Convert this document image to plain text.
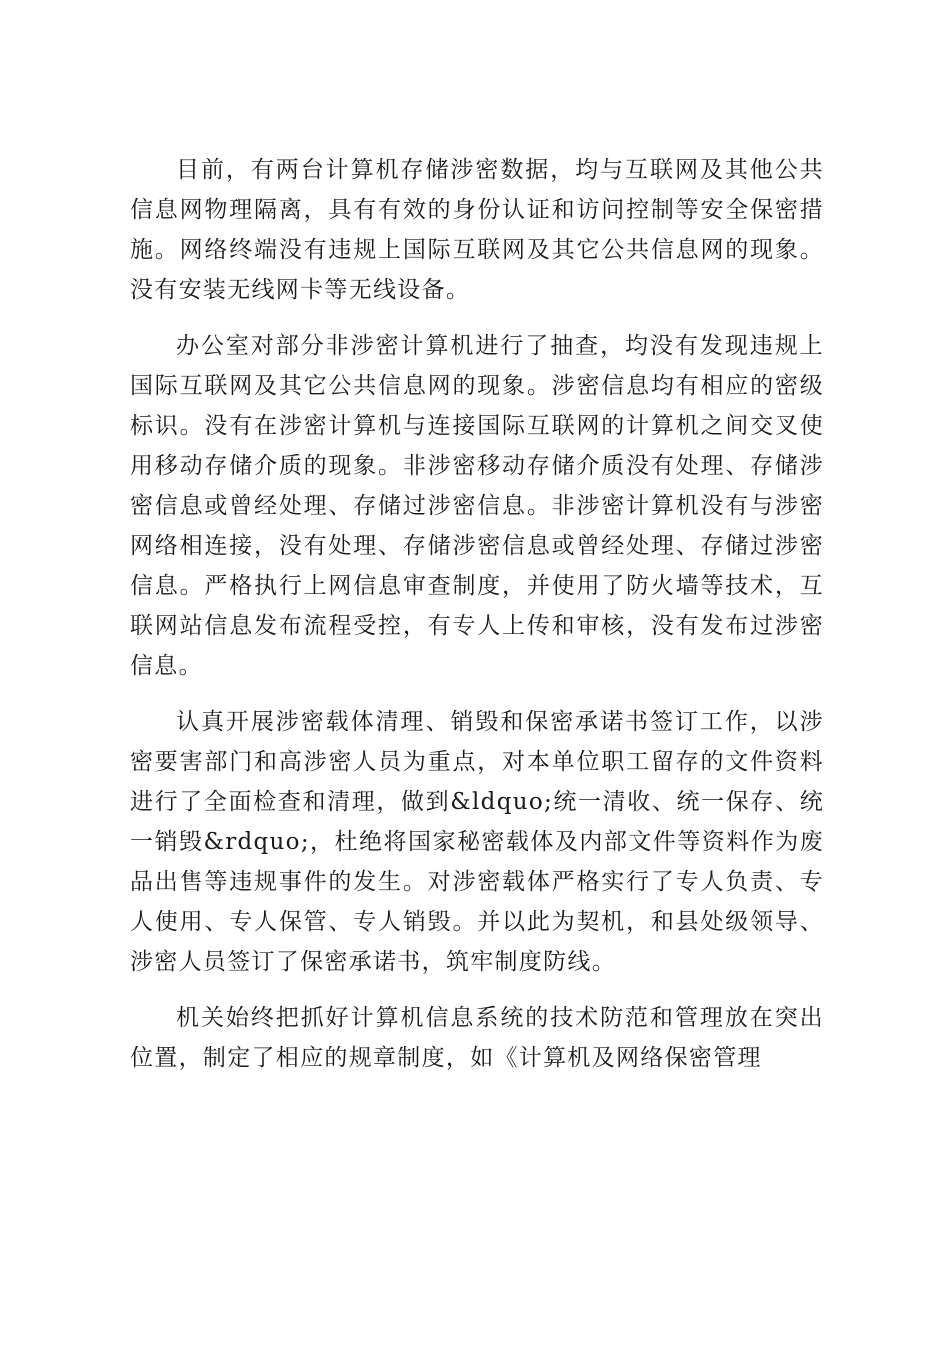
目前，有两台计算机存储涉密数据，均与互联网及其他公共信息网物理隔离，具有有效的身份认证和访问控制等安全保密措施。网络终端没有违规上国际互联网及其它公共信息网的现象。没有安装无线网卡等无线设备。

办公室对部分非涉密计算机进行了抽查，均没有发现违规上国际互联网及其它公共信息网的现象。涉密信息均有相应的密级标识。没有在涉密计算机与连接国际互联网的计算机之间交叉使用移动存储介质的现象。非涉密移动存储介质没有处理、存储涉密信息或曾经处理、存储过涉密信息。非涉密计算机没有与涉密网络相连接，没有处理、存储涉密信息或曾经处理、存储过涉密信息。严格执行上网信息审查制度，并使用了防火墙等技术，互联网站信息发布流程受控，有专人上传和审核，没有发布过涉密信息。

认真开展涉密载体清理、销毁和保密承诺书签订工作，以涉密要害部门和高涉密人员为重点，对本单位职工留存的文件资料进行了全面检查和清理，做到&ldquo;统一清收、统一保存、统一销毁&rdquo;，杜绝将国家秘密载体及内部文件等资料作为废品出售等违规事件的发生。对涉密载体严格实行了专人负责、专人使用、专人保管、专人销毁。并以此为契机，和县处级领导、涉密人员签订了保密承诺书，筑牢制度防线。

机关始终把抓好计算机信息系统的技术防范和管理放在突出位置，制定了相应的规章制度，如《计算机及网络保密管理
